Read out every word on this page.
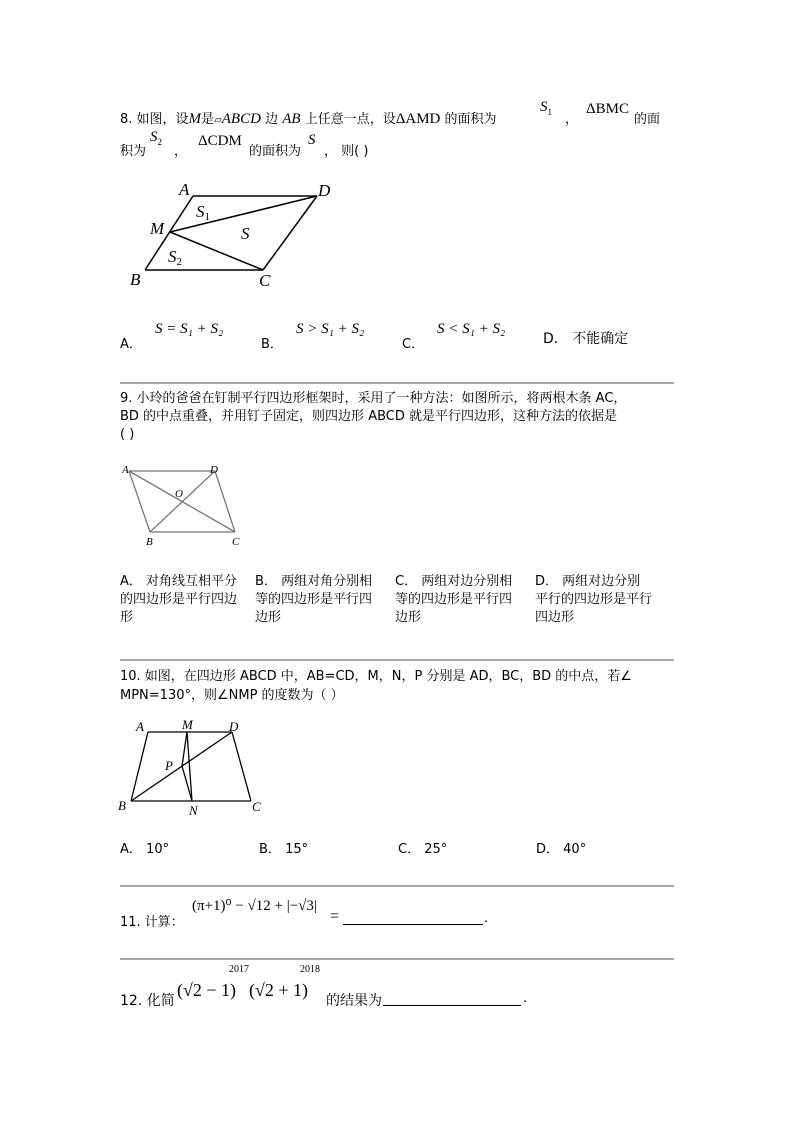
8. 如图，设M是▱ABCD 边 AB 上任意一点，设ΔAMD 的面积为
$S_1$ ，
ΔBMC
的面
积为
$S_2$
，
ΔCDM
的面积为
S
， 则( )
A	D
M
B	C
S1
S
S2
A．
S = S₁ + S₂
B．
S > S₁ + S₂
C．
S < S₁ + S₂
D． 不能确定
9. 小玲的爸爸在钉制平行四边形框架时，采用了一种方法：如图所示，将两根木条 AC，
BD 的中点重叠，并用钉子固定，则四边形 ABCD 就是平行四边形，这种方法的依据是
( )
A	D
O
B	C
A． 对角线互相平分的四边形是平行四边形
B． 两组对角分别相等的四边形是平行四边形
C． 两组对边分别相等的四边形是平行四边形
D． 两组对边分别平行的四边形是平行四边形
10. 如图，在四边形 ABCD 中，AB=CD，M，N，P 分别是 AD，BC，BD 的中点，若∠
MPN=130°，则∠NMP 的度数为（ ）
A	M	D
P
B	N	C
A． 10°	B． 15°	C． 25°	D． 40°
11. 计算：
(π+1)⁰ − √12 + |−√3|
=	.
12. 化简
(√2 − 1)
2017
(√2 + 1)
2018
的结果为	.
